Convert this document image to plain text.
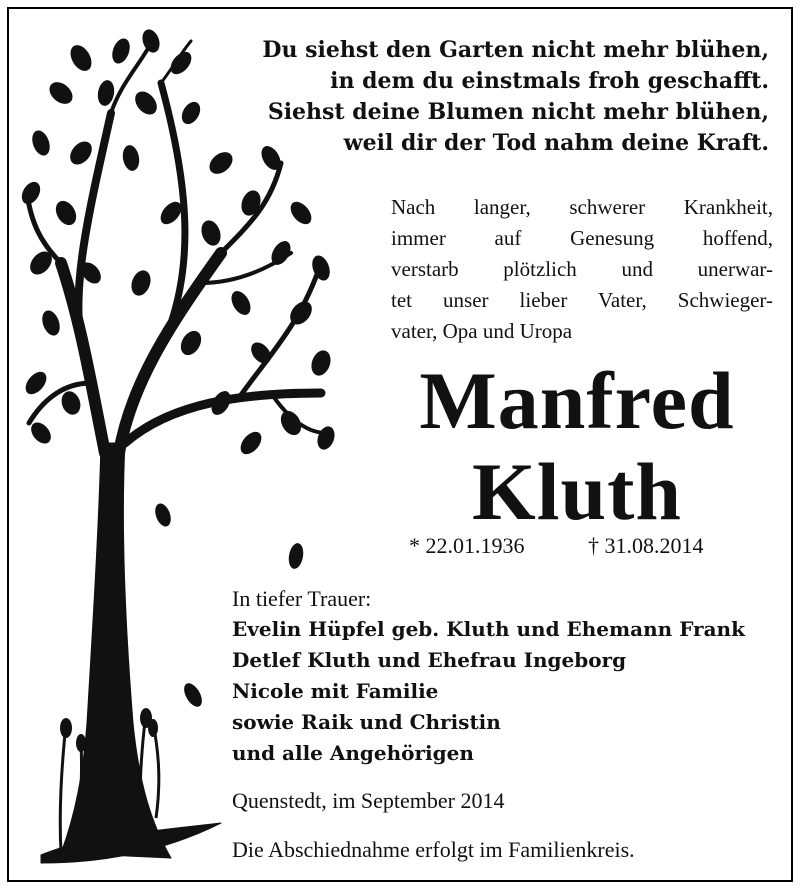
Du siehst den Garten nicht mehr blühen,
in dem du einstmals froh geschafft.
Siehst deine Blumen nicht mehr blühen,
weil dir der Tod nahm deine Kraft.
Nach langer, schwerer Krankheit,
immer auf Genesung hoffend,
verstarb plötzlich und unerwar-
tet unser lieber Vater, Schwieger-
vater, Opa und Uropa
Manfred
Kluth
* 22.01.1936	† 31.08.2014
In tiefer Trauer:
Evelin Hüpfel geb. Kluth und Ehemann Frank
Detlef Kluth und Ehefrau Ingeborg
Nicole mit Familie
sowie Raik und Christin
und alle Angehörigen
Quenstedt, im September 2014
Die Abschiednahme erfolgt im Familienkreis.
